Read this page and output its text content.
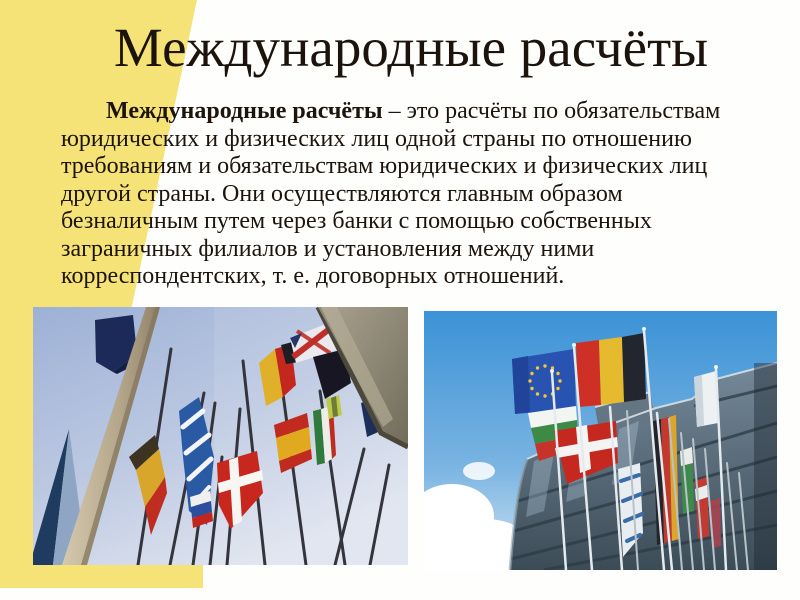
Международные расчёты

Международные расчёты – это расчёты по обязательствам юридических и физических лиц одной страны по отношению требованиям и обязательствам юридических и физических лиц другой страны. Они осуществляются главным образом безналичным путем через банки с помощью собственных заграничных филиалов и установления между ними корреспондентских, т. е. договорных отношений.
